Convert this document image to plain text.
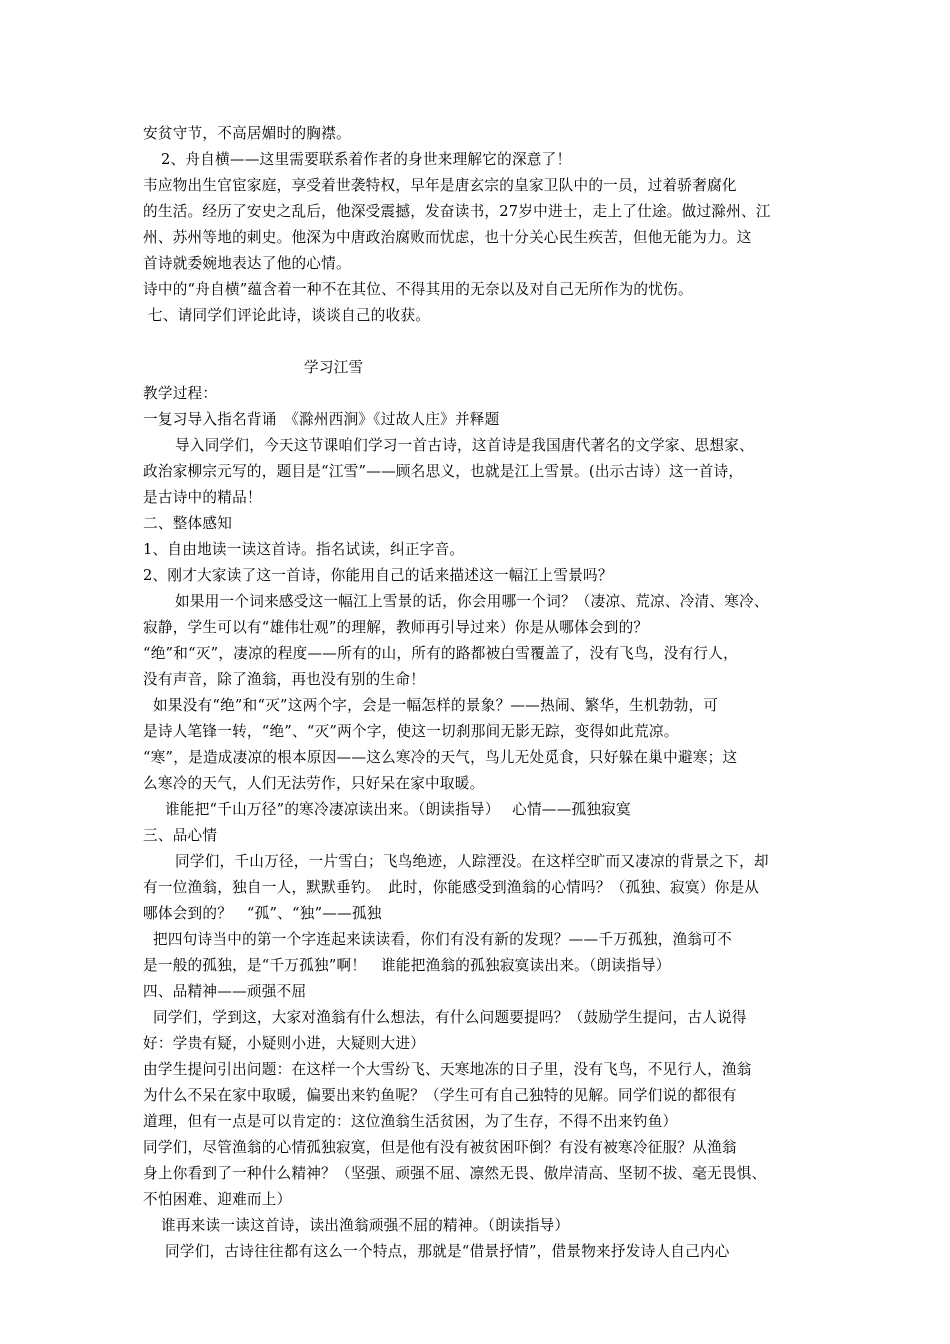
安贫守节，不高居媚时的胸襟。
2、舟自横——这里需要联系着作者的身世来理解它的深意了！
韦应物出生官宦家庭，享受着世袭特权，早年是唐玄宗的皇家卫队中的一员，过着骄奢腐化
的生活。经历了安史之乱后，他深受震撼，发奋读书，27岁中进士，走上了仕途。做过滁州、江
州、苏州等地的刺史。他深为中唐政治腐败而忧虑，也十分关心民生疾苦，但他无能为力。这
首诗就委婉地表达了他的心情。
诗中的“舟自横”蕴含着一种不在其位、不得其用的无奈以及对自己无所作为的忧伤。
七、请同学们评论此诗，谈谈自己的收获。
学习江雪
教学过程：
一复习导入指名背诵　《滁州西涧》《过故人庄》并释题
导入同学们，今天这节课咱们学习一首古诗，这首诗是我国唐代著名的文学家、思想家、
政治家柳宗元写的，题目是“江雪”——顾名思义，也就是江上雪景。(出示古诗）这一首诗，
是古诗中的精品！
二、整体感知
1、自由地读一读这首诗。指名试读，纠正字音。
2、刚才大家读了这一首诗，你能用自己的话来描述这一幅江上雪景吗？
如果用一个词来感受这一幅江上雪景的话，你会用哪一个词？（凄凉、荒凉、冷清、寒冷、
寂静，学生可以有“雄伟壮观”的理解，教师再引导过来）你是从哪体会到的？
“绝”和“灭”，凄凉的程度——所有的山，所有的路都被白雪覆盖了，没有飞鸟，没有行人，
没有声音，除了渔翁，再也没有别的生命！
如果没有“绝”和“灭”这两个字，会是一幅怎样的景象？——热闹、繁华，生机勃勃，可
是诗人笔锋一转，“绝”、“灭”两个字，使这一切刹那间无影无踪，变得如此荒凉。
“寒”，是造成凄凉的根本原因——这么寒冷的天气，鸟儿无处觅食，只好躲在巢中避寒；这
么寒冷的天气，人们无法劳作，只好呆在家中取暖。
谁能把“千山万径”的寒冷凄凉读出来。（朗读指导）　 心情——孤独寂寞
三、品心情
同学们，千山万径，一片雪白；飞鸟绝迹，人踪湮没。在这样空旷而又凄凉的背景之下，却
有一位渔翁，独自一人，默默垂钓。　此时，你能感受到渔翁的心情吗？（孤独、寂寞）你是从
哪体会到的？　“孤”、“独”——孤独
把四句诗当中的第一个字连起来读读看，你们有没有新的发现？——千万孤独，渔翁可不
是一般的孤独，是“千万孤独”啊！　谁能把渔翁的孤独寂寞读出来。（朗读指导）
四、品精神——顽强不屈
同学们，学到这，大家对渔翁有什么想法，有什么问题要提吗？（鼓励学生提问，古人说得
好：学贵有疑，小疑则小进，大疑则大进）
由学生提问引出问题：在这样一个大雪纷飞、天寒地冻的日子里，没有飞鸟，不见行人，渔翁
为什么不呆在家中取暖，偏要出来钓鱼呢？（学生可有自己独特的见解。同学们说的都很有
道理，但有一点是可以肯定的：这位渔翁生活贫困，为了生存，不得不出来钓鱼）
同学们，尽管渔翁的心情孤独寂寞，但是他有没有被贫困吓倒？有没有被寒冷征服？从渔翁
身上你看到了一种什么精神？（坚强、顽强不屈、凛然无畏、傲岸清高、坚韧不拔、毫无畏惧、
不怕困难、迎难而上）
谁再来读一读这首诗，读出渔翁顽强不屈的精神。（朗读指导）
同学们，古诗往往都有这么一个特点，那就是“借景抒情”，借景物来抒发诗人自己内心
